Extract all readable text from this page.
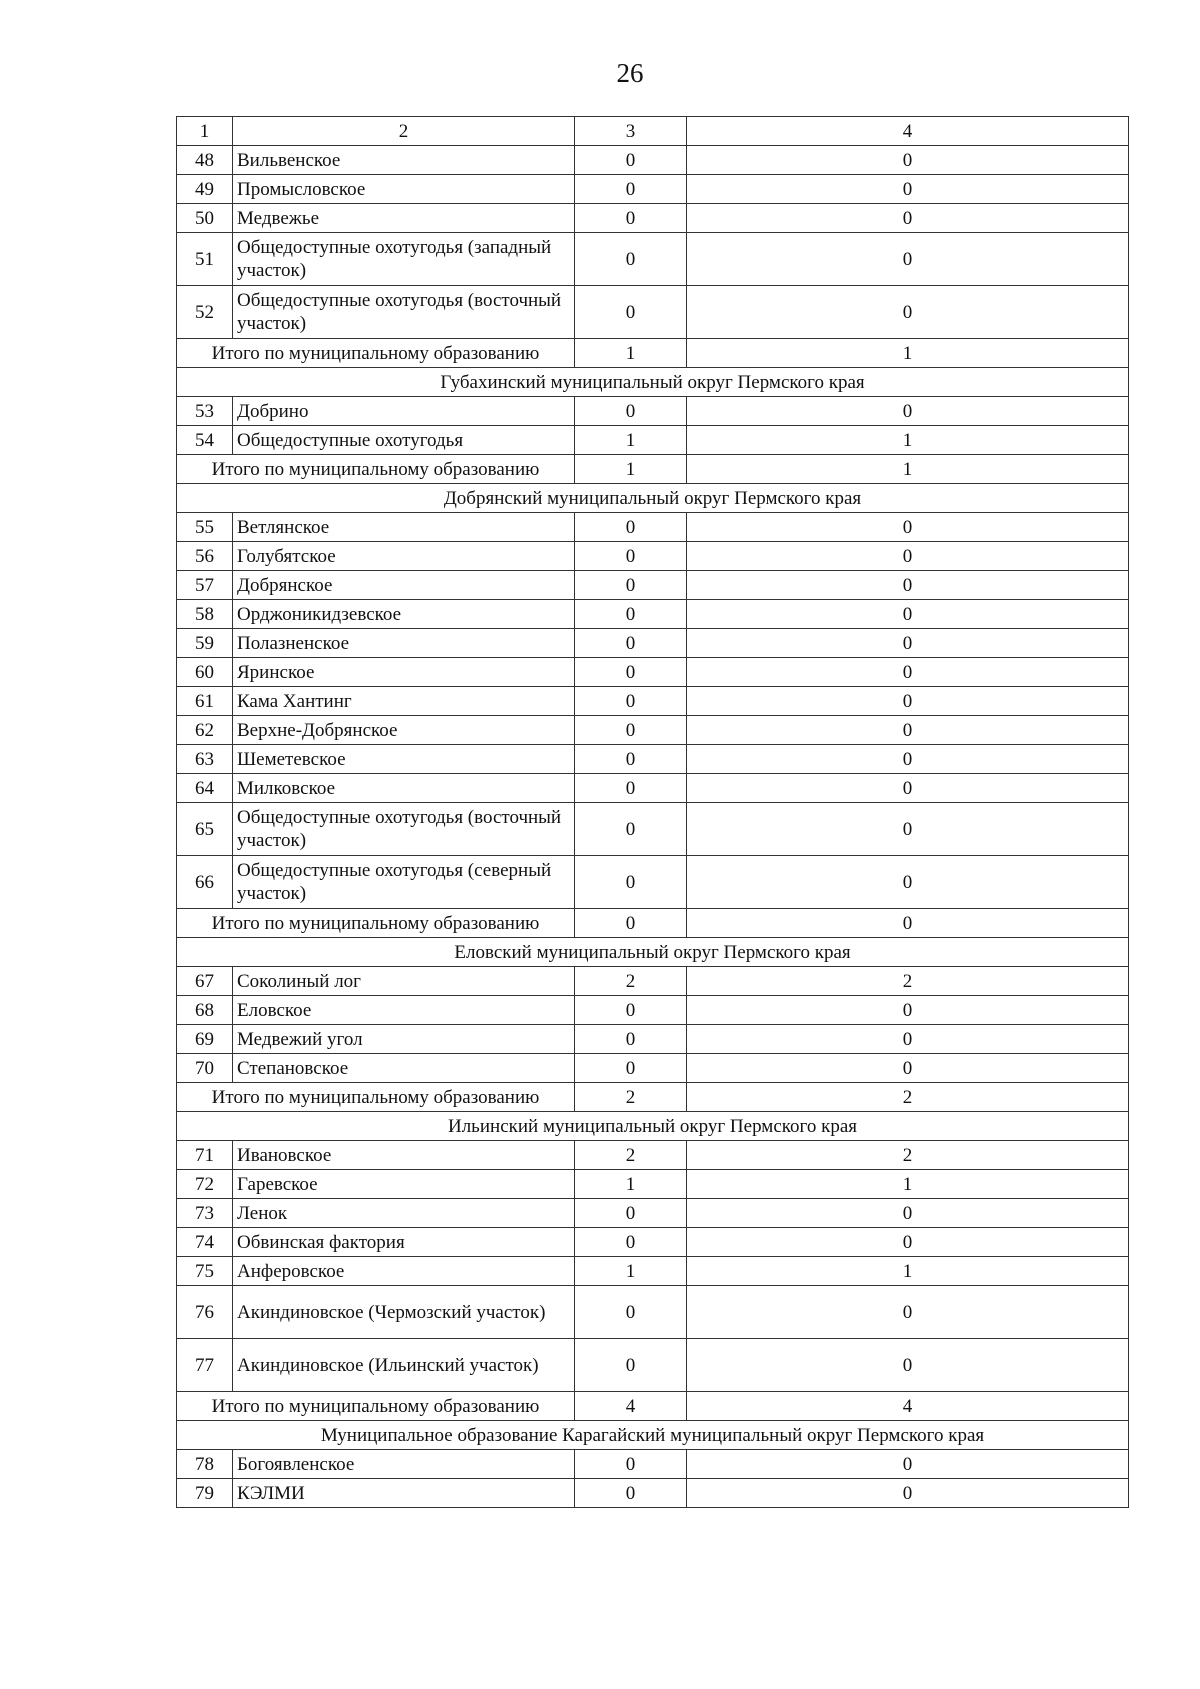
26
1	2	3	4
48	Вильвенское	0	0
49	Промысловское	0	0
50	Медвежье	0	0
51	Общедоступные охотугодья (западный участок)	0	0
52	Общедоступные охотугодья (восточный участок)	0	0
Итого по муниципальному образованию		1	1
Губахинский муниципальный округ Пермского края			
53	Добрино	0	0
54	Общедоступные охотугодья	1	1
Итого по муниципальному образованию		1	1
Добрянский муниципальный округ Пермского края			
55	Ветлянское	0	0
56	Голубятское	0	0
57	Добрянское	0	0
58	Орджоникидзевское	0	0
59	Полазненское	0	0
60	Яринское	0	0
61	Кама Хантинг	0	0
62	Верхне-Добрянское	0	0
63	Шеметевское	0	0
64	Милковское	0	0
65	Общедоступные охотугодья (восточный участок)	0	0
66	Общедоступные охотугодья (северный участок)	0	0
Итого по муниципальному образованию		0	0
Еловский муниципальный округ Пермского края			
67	Соколиный лог	2	2
68	Еловское	0	0
69	Медвежий угол	0	0
70	Степановское	0	0
Итого по муниципальному образованию		2	2
Ильинский муниципальный округ Пермского края			
71	Ивановское	2	2
72	Гаревское	1	1
73	Ленок	0	0
74	Обвинская фактория	0	0
75	Анферовское	1	1
76	Акиндиновское (Чермозский участок)	0	0
77	Акиндиновское (Ильинский участок)	0	0
Итого по муниципальному образованию		4	4
Муниципальное образование Карагайский муниципальный округ Пермского края			
78	Богоявленское	0	0
79	КЭЛМИ	0	0
